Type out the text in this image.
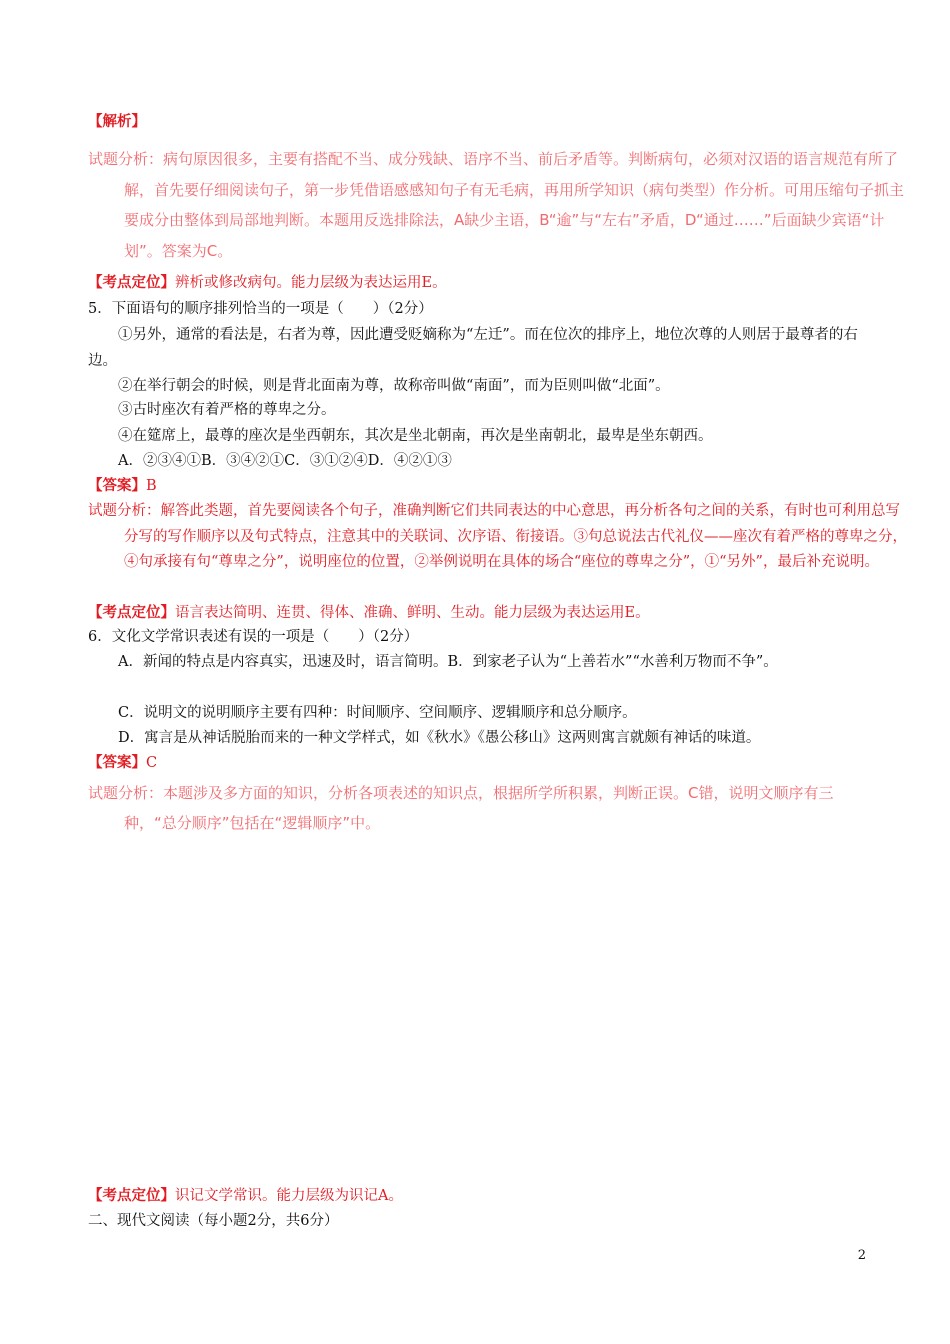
【解析】
试题分析：病句原因很多，主要有搭配不当、成分残缺、语序不当、前后矛盾等。判断病句，必须对汉语的语言规范有所了解，首先要仔细阅读句子，第一步凭借语感感知句子有无毛病，再用所学知识（病句类型）作分析。可用压缩句子抓主要成分由整体到局部地判断。本题用反选排除法，A缺少主语，B“逾”与“左右”矛盾，D“通过……”后面缺少宾语“计划”。答案为C。
【考点定位】辨析或修改病句。能力层级为表达运用E。
5．下面语句的顺序排列恰当的一项是（　　）（2分）
①另外，通常的看法是，右者为尊，因此遭受贬嫡称为“左迁”。而在位次的排序上，地位次尊的人则居于最尊者的右边。
②在举行朝会的时候，则是背北面南为尊，故称帝叫做“南面”，而为臣则叫做“北面”。
③古时座次有着严格的尊卑之分。
④在筵席上，最尊的座次是坐西朝东，其次是坐北朝南，再次是坐南朝北，最卑是坐东朝西。
A．②③④①B．③④②①C．③①②④D．④②①③
【答案】B
试题分析：解答此类题，首先要阅读各个句子，准确判断它们共同表达的中心意思，再分析各句之间的关系，有时也可利用总写分写的写作顺序以及句式特点，注意其中的关联词、次序语、衔接语。③句总说法古代礼仪——座次有着严格的尊卑之分，④句承接有句“尊卑之分”，说明座位的位置，②举例说明在具体的场合“座位的尊卑之分”，①“另外”，最后补充说明。
【考点定位】语言表达简明、连贯、得体、准确、鲜明、生动。能力层级为表达运用E。
6．文化文学常识表述有误的一项是（　　）（2分）
A．新闻的特点是内容真实，迅速及时，语言简明。B．到家老子认为“上善若水”“水善利万物而不争”。
C．说明文的说明顺序主要有四种：时间顺序、空间顺序、逻辑顺序和总分顺序。
D．寓言是从神话脱胎而来的一种文学样式，如《秋水》《愚公移山》这两则寓言就颇有神话的味道。
【答案】C
试题分析：本题涉及多方面的知识，分析各项表述的知识点，根据所学所积累，判断正误。C错，说明文顺序有三种，“总分顺序”包括在“逻辑顺序”中。
【考点定位】识记文学常识。能力层级为识记A。
二、现代文阅读（每小题2分，共6分）
2
